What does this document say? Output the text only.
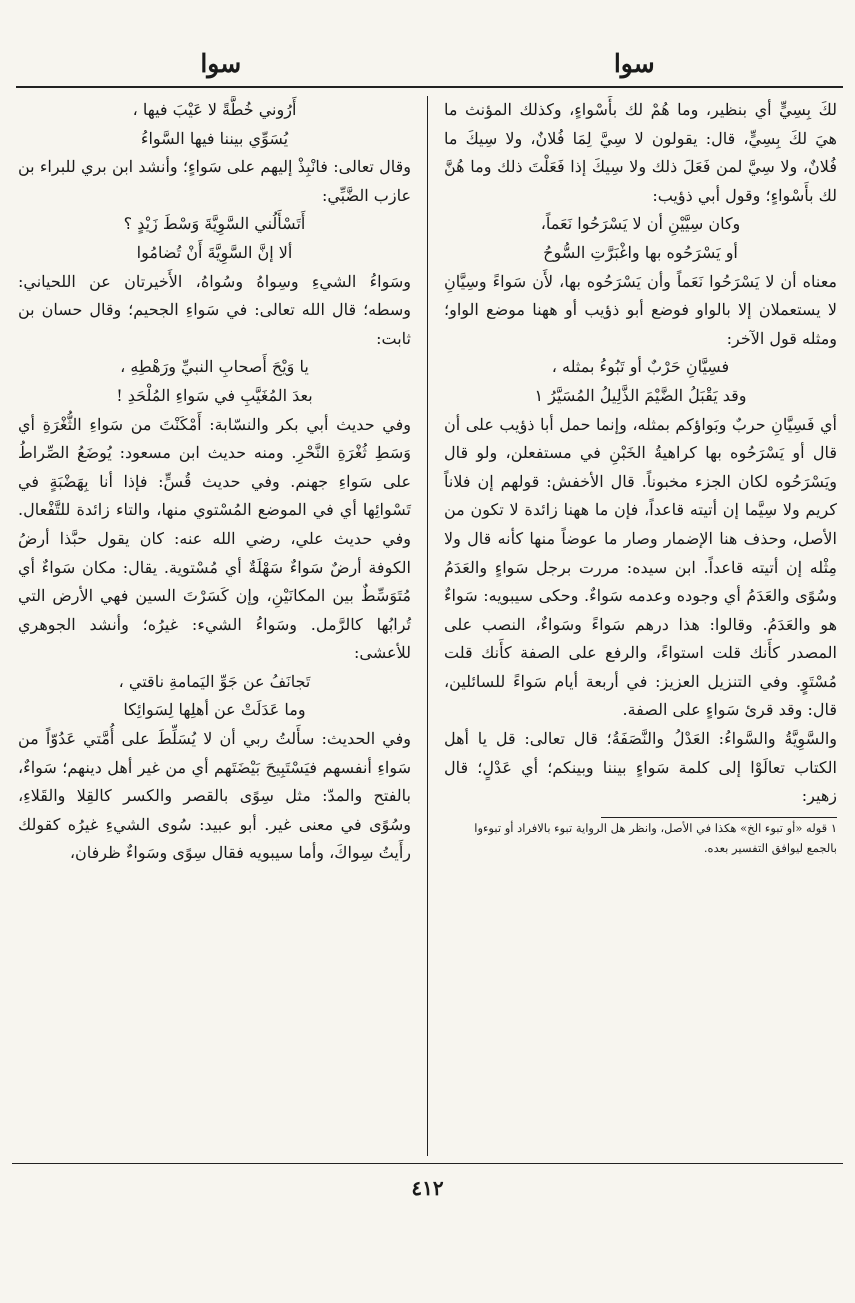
سوا	سوا

لكَ بِسِيٍّ أي بنظير، وما هُمْ لك بأَسْواءٍ، وكذلك المؤنث ما هيَ لكَ بِسِيٍّ، قال: يقولون لا سِيَّ لِمَا فُلانٌ، ولا سِيكَ ما فُلانٌ، ولا سِيَّ لمن فَعَلَ ذلك ولا سِيكَ إذا فَعَلْتَ ذلك وما هُنَّ لك بأَسْواءٍ؛ وقول أبي ذؤيب:

وكان سِيَّيْنِ أن لا يَسْرَحُوا نَعَماً،

أو يَسْرَحُوه بها واغْبَرَّتِ السُّوحُ

معناه أن لا يَسْرَحُوا نَعَماً وأن يَسْرَحُوه بها، لأَن سَواءً وسِيَّانِ لا يستعملان إلا بالواو فوضع أبو ذؤيب أو ههنا موضع الواو؛ ومثله قول الآخر:

فسِيَّانِ حَرْبٌ أو تَبُوءُ بمثله ،

وقد يَقْبَلُ الضَّيْمَ الذَّلِيلُ المُسَيَّرُ ١

أي فَسِيَّانِ حربٌ وبَواؤكم بمثله، وإنما حمل أبا ذؤيب على أن قال أو يَسْرَحُوه بها كراهيةُ الخَبْنِ في مستفعلن، ولو قال ويَسْرَحُوه لكان الجزء مخبوناً. قال الأخفش: قولهم إن فلاناً كريم ولا سِيَّما إن أتيته قاعداً، فإن ما ههنا زائدة لا تكون من الأصل، وحذف هنا الإضمار وصار ما عوضاً منها كأنه قال ولا مِثْله إن أتيته قاعداً. ابن سيده: مررت برجل سَواءٍ والعَدَمُ وسُوًى والعَدَمُ أي وجوده وعدمه سَواءٌ. وحكى سيبويه: سَواءٌ هو والعَدَمُ. وقالوا: هذا درهم سَواءً وسَواءٌ، النصب على المصدر كأَنك قلت استواءً، والرفع على الصفة كأَنك قلت مُسْتَوٍ. وفي التنزيل العزيز: في أربعة أيام سَواءً للسائلين، قال: وقد قرئ سَواءٍ على الصفة.

والسَّوِيَّةُ والسَّواءُ: العَدْلُ والنَّصَفَةُ؛ قال تعالى: قل يا أهل الكتاب تعالَوْا إلى كلمة سَواءٍ بيننا وبينكم؛ أي عَدْلٍ؛ قال زهير:

١ قوله «أو تبوء الخ» هكذا في الأصل، وانظر هل الرواية تبوء بالافراد أو تبوءوا بالجمع ليوافق التفسير بعده.

أَرُوني خُطَّةً لا عَيْبَ فيها ،

يُسَوِّي بيننا فيها السَّواءُ

وقال تعالى: فانْبِذْ إليهم على سَواءٍ؛ وأنشد ابن بري للبراء بن عازب الضَّبِّي:

أَتَسْأَلُني السَّوِيَّةَ وَسْطَ زَيْدٍ ؟

ألا إنَّ السَّوِيَّةَ أَنْ تُضامُوا

وسَواءُ الشيءِ وسِواهُ وسُواهُ، الأَخيرتان عن اللحياني: وسطه؛ قال الله تعالى: في سَواءِ الجحيم؛ وقال حسان بن ثابت:

يا وَيْحَ أَصحابِ النبيِّ ورَهْطِهِ ،

بعدَ المُغَيَّبِ في سَواءِ المُلْحَدِ !

وفي حديث أبي بكر والنسّابة: أَمْكَنْتَ من سَواءِ الثُّغْرَةِ أي وَسَطِ ثُغْرَةِ النَّحْرِ. ومنه حديث ابن مسعود: يُوضَعُ الصِّراطُ على سَواءِ جهنم. وفي حديث قُسٍّ: فإذا أنا بِهَضْبَةٍ في تَسْوائِها أي في الموضع المُسْتوي منها، والتاء زائدة للتَّفْعال. وفي حديث علي، رضي الله عنه: كان يقول حبَّذا أرضُ الكوفة أرضٌ سَواءٌ سَهْلَةٌ أي مُسْتوية. يقال: مكان سَواءٌ أي مُتَوَسِّطٌ بين المكانَيْنِ، وإن كَسَرْتَ السين فهي الأرض التي تُرابُها كالرَّمل. وسَواءُ الشيء: غيرُه؛ وأنشد الجوهري للأعشى:

تَجانَفُ عن جَوِّ اليَمامةِ ناقتي ،

وما عَدَلَتْ عن أهلِها لِسَوائِكا

وفي الحديث: سأَلتُ ربي أن لا يُسَلِّطَ على أُمَّتي عَدُوّاً من سَواءِ أنفسهم فيَسْتَبِيحَ بَيْضَتَهم أي من غير أهل دينهم؛ سَواءٌ، بالفتح والمدّ: مثل سِوًى بالقصر والكسر كالقِلا والقَلاءِ، وسُوًى في معنى غير. أبو عبيد: سُوى الشيءِ غيرُه كقولك رأَيتُ سِواكَ، وأما سيبويه فقال سِوًى وسَواءٌ ظرفان،

٤١٢
